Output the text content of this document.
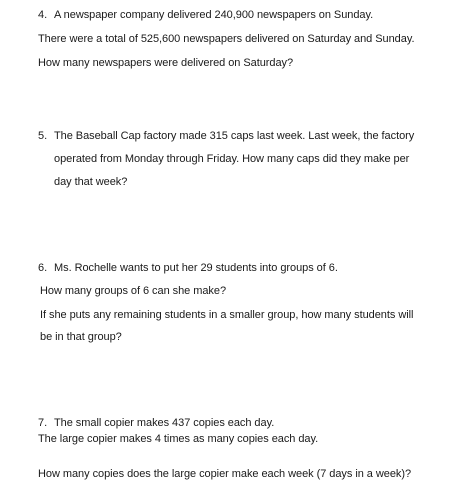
4. A newspaper company delivered 240,900 newspapers on Sunday.
There were a total of 525,600 newspapers delivered on Saturday and Sunday.
How many newspapers were delivered on Saturday?
5. The Baseball Cap factory made 315 caps last week. Last week, the factory
operated from Monday through Friday. How many caps did they make per
day that week?
6. Ms. Rochelle wants to put her 29 students into groups of 6.
How many groups of 6 can she make?
If she puts any remaining students in a smaller group, how many students will
be in that group?
7. The small copier makes 437 copies each day.
The large copier makes 4 times as many copies each day.
How many copies does the large copier make each week (7 days in a week)?
